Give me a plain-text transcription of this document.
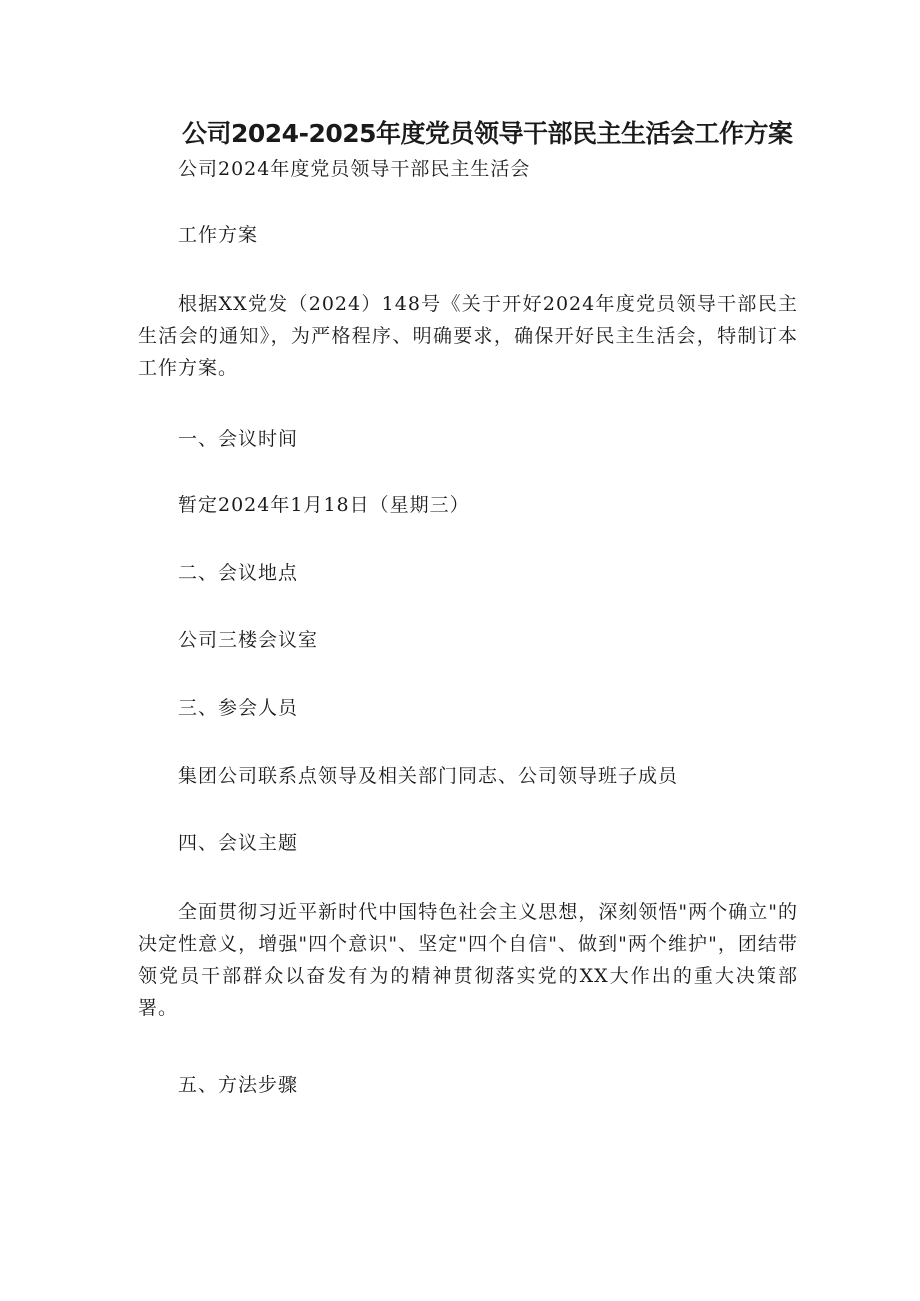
公司2024-2025年度党员领导干部民主生活会工作方案
公司2024年度党员领导干部民主生活会
工作方案
根据XX党发（2024）148号《关于开好2024年度党员领导干部民主生活会的通知》，为严格程序、明确要求，确保开好民主生活会，特制订本工作方案。
一、会议时间
暂定2024年1月18日（星期三）
二、会议地点
公司三楼会议室
三、参会人员
集团公司联系点领导及相关部门同志、公司领导班子成员
四、会议主题
全面贯彻习近平新时代中国特色社会主义思想，深刻领悟"两个确立"的决定性意义，增强"四个意识"、坚定"四个自信"、做到"两个维护"，团结带领党员干部群众以奋发有为的精神贯彻落实党的XX大作出的重大决策部署。
五、方法步骤
